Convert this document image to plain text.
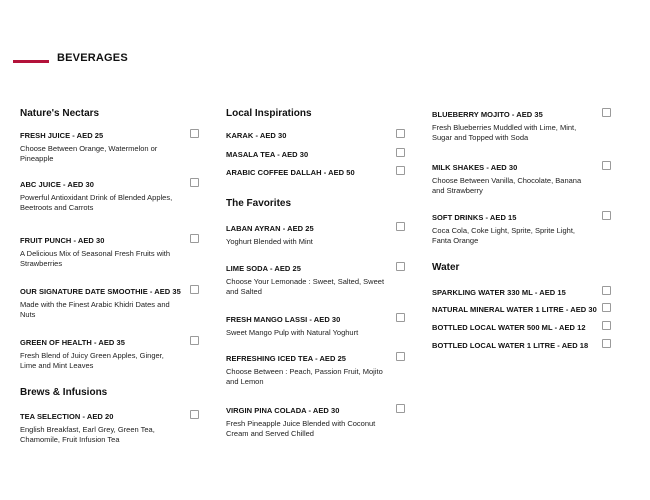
BEVERAGES
Nature's Nectars
FRESH JUICE - AED 25
Choose Between Orange, Watermelon or Pineapple
ABC JUICE - AED 30
Powerful Antioxidant Drink of Blended Apples, Beetroots and Carrots
FRUIT PUNCH - AED 30
A Delicious Mix of Seasonal Fresh Fruits with Strawberries
OUR SIGNATURE DATE SMOOTHIE - AED 35
Made with the Finest Arabic Khidri Dates and Nuts
GREEN OF HEALTH - AED 35
Fresh Blend of Juicy Green Apples, Ginger, Lime and Mint Leaves
Brews & Infusions
TEA SELECTION - AED 20
English Breakfast, Earl Grey, Green Tea, Chamomile, Fruit Infusion Tea
Local Inspirations
KARAK - AED 30
MASALA TEA - AED 30
ARABIC COFFEE DALLAH - AED 50
The Favorites
LABAN AYRAN - AED 25
Yoghurt Blended with Mint
LIME SODA - AED 25
Choose Your Lemonade : Sweet, Salted, Sweet and Salted
FRESH MANGO LASSI - AED 30
Sweet Mango Pulp with Natural Yoghurt
REFRESHING ICED TEA - AED 25
Choose Between : Peach, Passion Fruit, Mojito and Lemon
VIRGIN PINA COLADA - AED 30
Fresh Pineapple Juice Blended with Coconut Cream and Served Chilled
BLUEBERRY MOJITO - AED 35
Fresh Blueberries Muddled with Lime, Mint, Sugar and Topped with Soda
MILK SHAKES - AED 30
Choose Between Vanilla, Chocolate, Banana and Strawberry
SOFT DRINKS - AED 15
Coca Cola, Coke Light, Sprite, Sprite Light, Fanta Orange
Water
SPARKLING WATER 330 ML - AED 15
NATURAL MINERAL WATER 1 LITRE - AED 30
BOTTLED LOCAL WATER 500 ML - AED 12
BOTTLED LOCAL WATER 1 LITRE - AED 18
